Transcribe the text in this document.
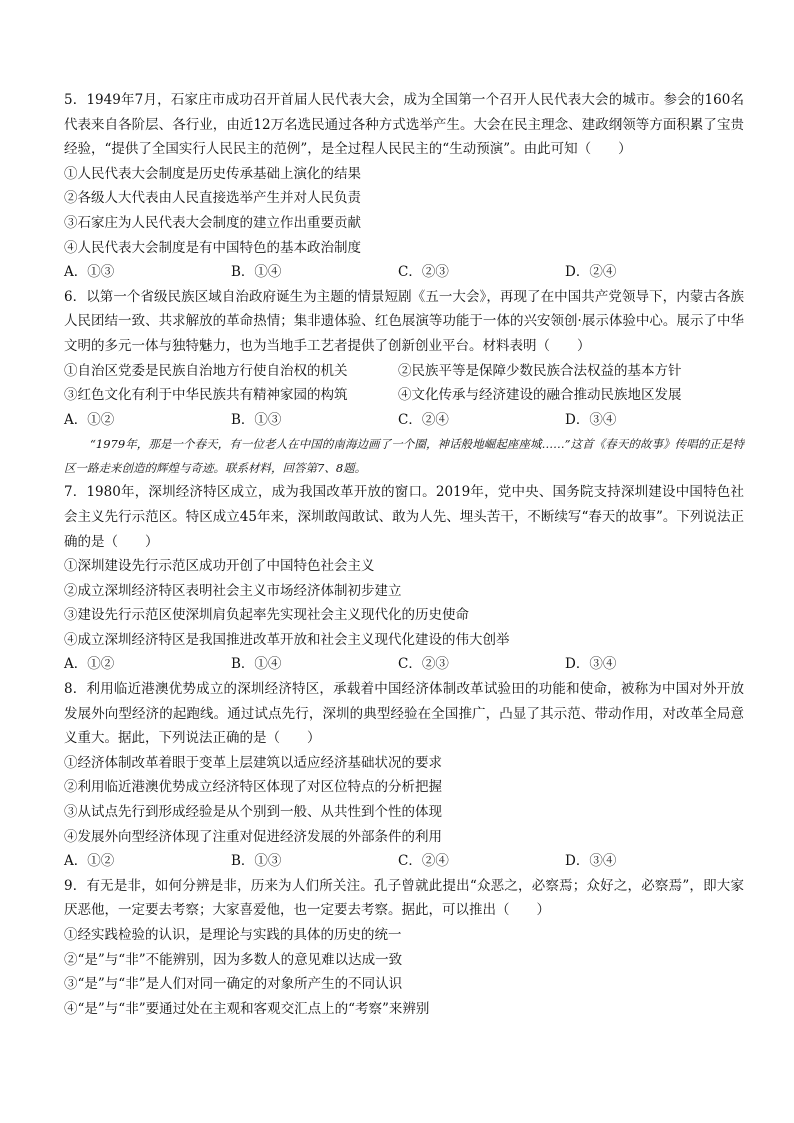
5．1949年7月，石家庄市成功召开首届人民代表大会，成为全国第一个召开人民代表大会的城市。参会的160名代表来自各阶层、各行业，由近12万名选民通过各种方式选举产生。大会在民主理念、建政纲领等方面积累了宝贵经验，“提供了全国实行人民民主的范例”，是全过程人民民主的“生动预演”。由此可知（　　）
①人民代表大会制度是历史传承基础上演化的结果
②各级人大代表由人民直接选举产生并对人民负责
③石家庄为人民代表大会制度的建立作出重要贡献
④人民代表大会制度是有中国特色的基本政治制度
A．①③	B．①④	C．②③	D．②④
6．以第一个省级民族区域自治政府诞生为主题的情景短剧《五一大会》，再现了在中国共产党领导下，内蒙古各族人民团结一致、共求解放的革命热情；集非遗体验、红色展演等功能于一体的兴安领创·展示体验中心。展示了中华文明的多元一体与独特魅力，也为当地手工艺者提供了创新创业平台。材料表明（　　）
①自治区党委是民族自治地方行使自治权的机关	②民族平等是保障少数民族合法权益的基本方针
③红色文化有利于中华民族共有精神家园的构筑	④文化传承与经济建设的融合推动民族地区发展
A．①②	B．①③	C．②④	D．③④
“1979年，那是一个春天，有一位老人在中国的南海边画了一个圈，神话般地崛起座座城……”这首《春天的故事》传唱的正是特区一路走来创造的辉煌与奇迹。联系材料，回答第7、8题。
7．1980年，深圳经济特区成立，成为我国改革开放的窗口。2019年，党中央、国务院支持深圳建设中国特色社会主义先行示范区。特区成立45年来，深圳敢闯敢试、敢为人先、埋头苦干，不断续写“春天的故事”。下列说法正确的是（　　）
①深圳建设先行示范区成功开创了中国特色社会主义
②成立深圳经济特区表明社会主义市场经济体制初步建立
③建设先行示范区使深圳肩负起率先实现社会主义现代化的历史使命
④成立深圳经济特区是我国推进改革开放和社会主义现代化建设的伟大创举
A．①②	B．①④	C．②③	D．③④
8．利用临近港澳优势成立的深圳经济特区，承载着中国经济体制改革试验田的功能和使命，被称为中国对外开放发展外向型经济的起跑线。通过试点先行，深圳的典型经验在全国推广，凸显了其示范、带动作用，对改革全局意义重大。据此，下列说法正确的是（　　）
①经济体制改革着眼于变革上层建筑以适应经济基础状况的要求
②利用临近港澳优势成立经济特区体现了对区位特点的分析把握
③从试点先行到形成经验是从个别到一般、从共性到个性的体现
④发展外向型经济体现了注重对促进经济发展的外部条件的利用
A．①②	B．①③	C．②④	D．③④
9．有无是非，如何分辨是非，历来为人们所关注。孔子曾就此提出“众恶之，必察焉；众好之，必察焉”，即大家厌恶他，一定要去考察；大家喜爱他，也一定要去考察。据此，可以推出（　　）
①经实践检验的认识，是理论与实践的具体的历史的统一
②“是”与“非”不能辨别，因为多数人的意见难以达成一致
③“是”与“非”是人们对同一确定的对象所产生的不同认识
④“是”与“非”要通过处在主观和客观交汇点上的“考察”来辨别
